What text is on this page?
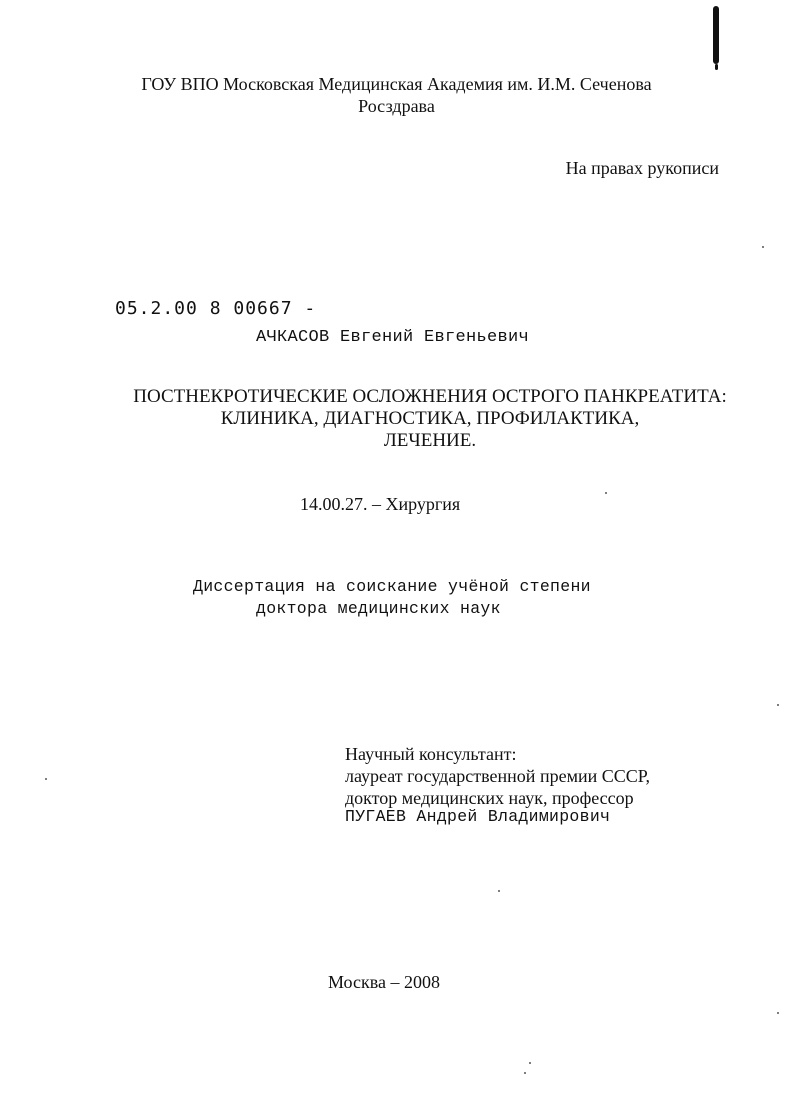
ГОУ ВПО Московская Медицинская Академия им. И.М. Сеченова
Росздрава
На правах рукописи
05.2.00 8 00667 -
АЧКАСОВ Евгений Евгеньевич
ПОСТНЕКРОТИЧЕСКИЕ ОСЛОЖНЕНИЯ ОСТРОГО ПАНКРЕАТИТА:
КЛИНИКА, ДИАГНОСТИКА, ПРОФИЛАКТИКА,
ЛЕЧЕНИЕ.
14.00.27. – Хирургия
Диссертация на соискание учёной степени
доктора медицинских наук
Научный консультант:
лауреат государственной премии СССР,
доктор медицинских наук, профессор
ПУГАЕВ Андрей Владимирович
Москва – 2008
